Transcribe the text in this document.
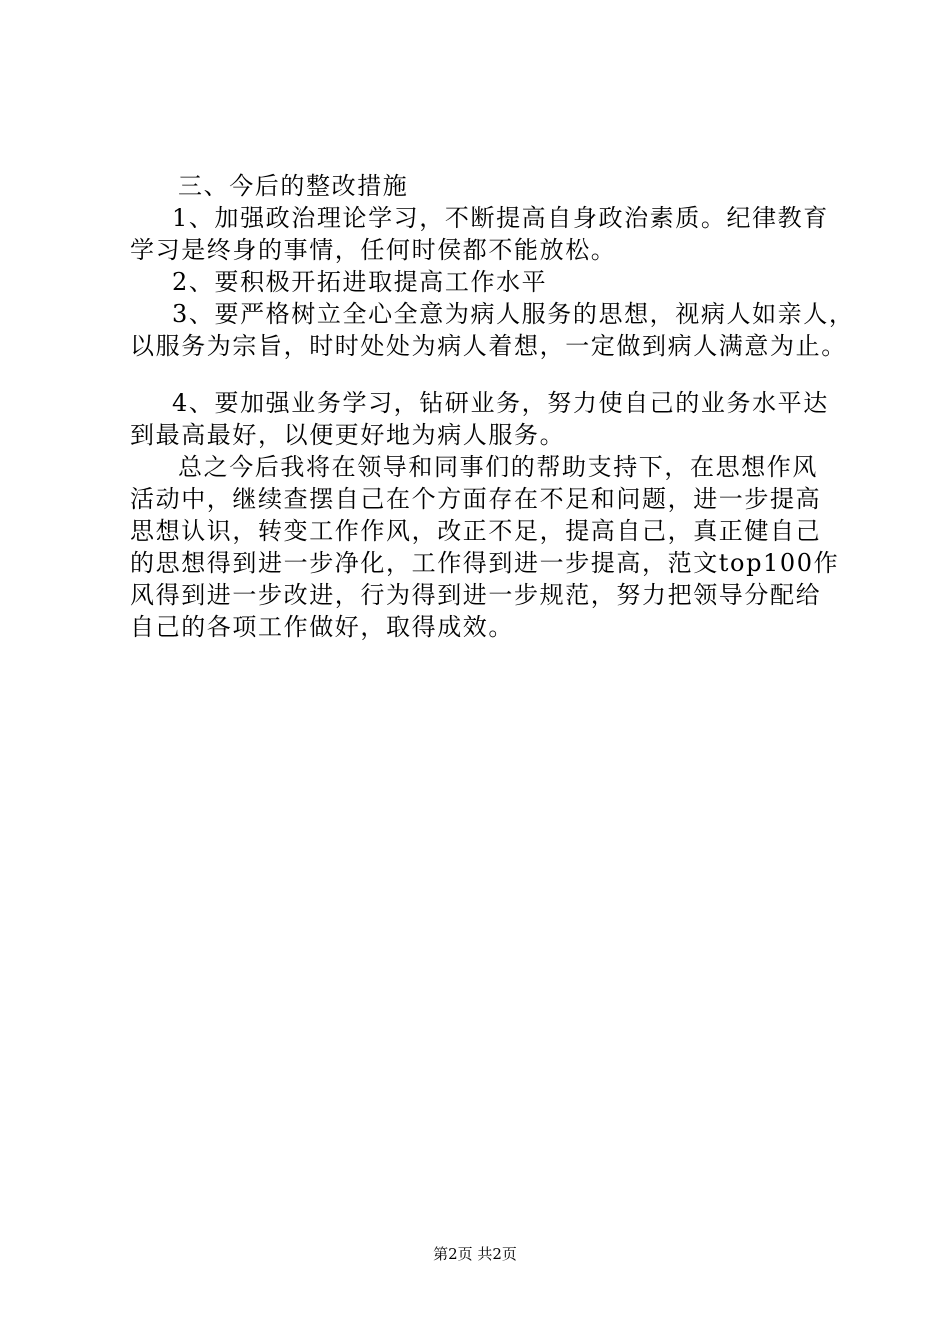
三、今后的整改措施
1、加强政治理论学习，不断提高自身政治素质。纪律教育
学习是终身的事情，任何时侯都不能放松。
2、要积极开拓进取提高工作水平
3、要严格树立全心全意为病人服务的思想，视病人如亲人，
以服务为宗旨，时时处处为病人着想，一定做到病人满意为止。
4、要加强业务学习，钻研业务，努力使自己的业务水平达
到最高最好，以便更好地为病人服务。
总之今后我将在领导和同事们的帮助支持下，在思想作风
活动中，继续查摆自己在个方面存在不足和问题，进一步提高
思想认识，转变工作作风，改正不足，提高自己，真正健自己
的思想得到进一步净化，工作得到进一步提高，范文top100作
风得到进一步改进，行为得到进一步规范，努力把领导分配给
自己的各项工作做好，取得成效。
第2页 共2页
